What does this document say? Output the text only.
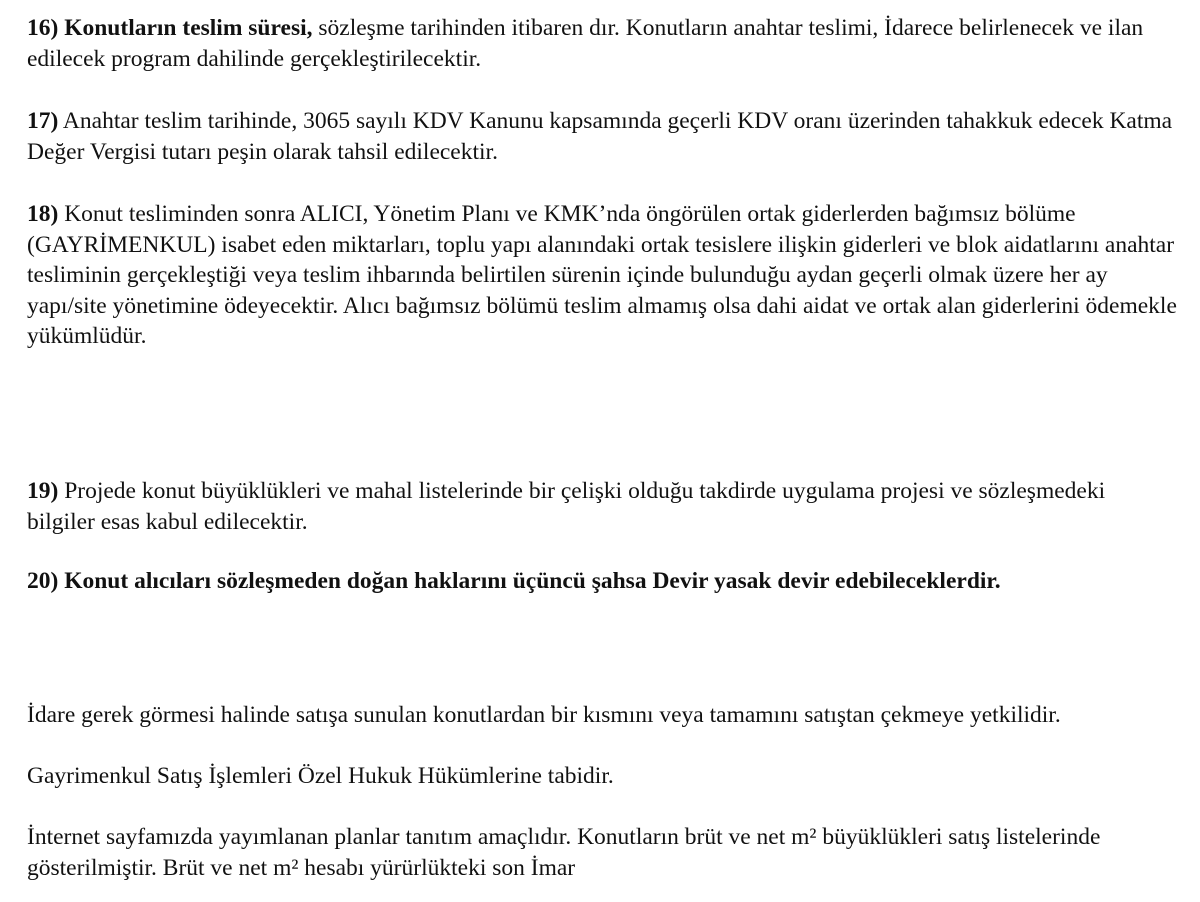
16) Konutların teslim süresi, sözleşme tarihinden itibaren dır. Konutların anahtar teslimi, İdarece belirlenecek ve ilan edilecek program dahilinde gerçekleştirilecektir.

17) Anahtar teslim tarihinde, 3065 sayılı KDV Kanunu kapsamında geçerli KDV oranı üzerinden tahakkuk edecek Katma Değer Vergisi tutarı peşin olarak tahsil edilecektir.

18) Konut tesliminden sonra ALICI, Yönetim Planı ve KMK’nda öngörülen ortak giderlerden bağımsız bölüme (GAYRİMENKUL) isabet eden miktarları, toplu yapı alanındaki ortak tesislere ilişkin giderleri ve blok aidatlarını anahtar tesliminin gerçekleştiği veya teslim ihbarında belirtilen sürenin içinde bulunduğu aydan geçerli olmak üzere her ay yapı/site yönetimine ödeyecektir. Alıcı bağımsız bölümü teslim almamış olsa dahi aidat ve ortak alan giderlerini ödemekle yükümlüdür.

19) Projede konut büyüklükleri ve mahal listelerinde bir çelişki olduğu takdirde uygulama projesi ve sözleşmedeki bilgiler esas kabul edilecektir.

20) Konut alıcıları sözleşmeden doğan haklarını üçüncü şahsa Devir yasak devir edebileceklerdir.

İdare gerek görmesi halinde satışa sunulan konutlardan bir kısmını veya tamamını satıştan çekmeye yetkilidir.

Gayrimenkul Satış İşlemleri Özel Hukuk Hükümlerine tabidir.

İnternet sayfamızda yayımlanan planlar tanıtım amaçlıdır. Konutların brüt ve net m² büyüklükleri satış listelerinde gösterilmiştir. Brüt ve net m² hesabı yürürlükteki son İmar
